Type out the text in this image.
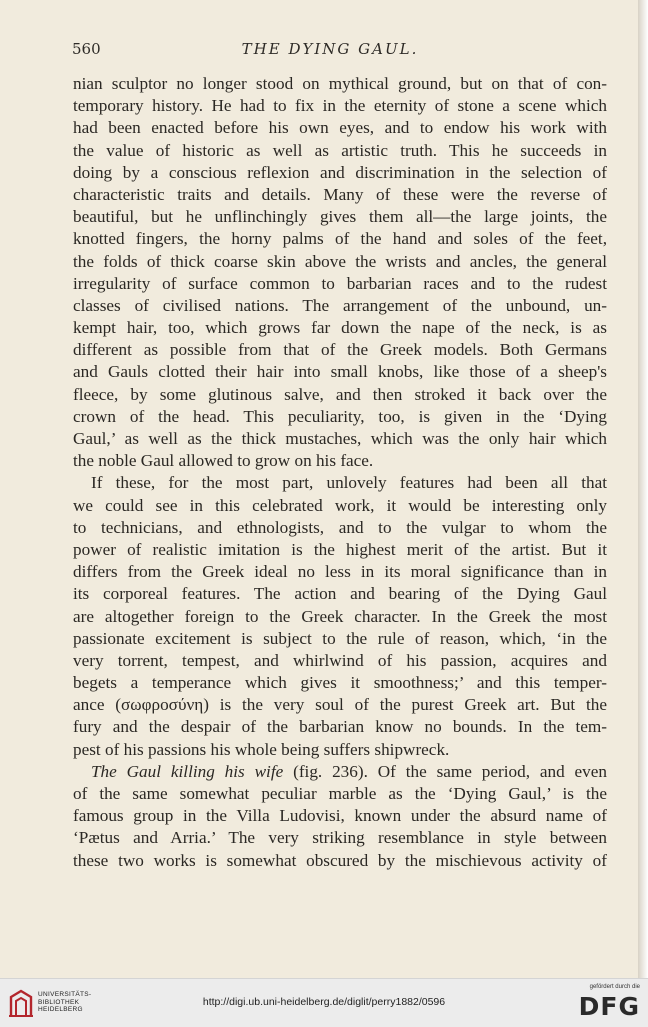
560	THE DYING GAUL.
nian sculptor no longer stood on mythical ground, but on that of con-
temporary history. He had to fix in the eternity of stone a scene which
had been enacted before his own eyes, and to endow his work with
the value of historic as well as artistic truth. This he succeeds in
doing by a conscious reflexion and discrimination in the selection of
characteristic traits and details. Many of these were the reverse of
beautiful, but he unflinchingly gives them all—the large joints, the
knotted fingers, the horny palms of the hand and soles of the feet,
the folds of thick coarse skin above the wrists and ancles, the general
irregularity of surface common to barbarian races and to the rudest
classes of civilised nations. The arrangement of the unbound, un-
kempt hair, too, which grows far down the nape of the neck, is as
different as possible from that of the Greek models. Both Germans
and Gauls clotted their hair into small knobs, like those of a sheep's
fleece, by some glutinous salve, and then stroked it back over the
crown of the head. This peculiarity, too, is given in the ‘Dying
Gaul,’ as well as the thick mustaches, which was the only hair which
the noble Gaul allowed to grow on his face.
If these, for the most part, unlovely features had been all that
we could see in this celebrated work, it would be interesting only
to technicians, and ethnologists, and to the vulgar to whom the
power of realistic imitation is the highest merit of the artist. But it
differs from the Greek ideal no less in its moral significance than in
its corporeal features. The action and bearing of the Dying Gaul
are altogether foreign to the Greek character. In the Greek the most
passionate excitement is subject to the rule of reason, which, ‘in the
very torrent, tempest, and whirlwind of his passion, acquires and
begets a temperance which gives it smoothness;’ and this temper-
ance (σωφροσύνη) is the very soul of the purest Greek art. But the
fury and the despair of the barbarian know no bounds. In the tem-
pest of his passions his whole being suffers shipwreck.
The Gaul killing his wife (fig. 236). Of the same period, and even
of the same somewhat peculiar marble as the ‘Dying Gaul,’ is the
famous group in the Villa Ludovisi, known under the absurd name of
‘Pætus and Arria.’ The very striking resemblance in style between
these two works is somewhat obscured by the mischievous activity of
UNIVERSITÄTS-
BIBLIOTHEK
HEIDELBERG
http://digi.ub.uni-heidelberg.de/diglit/perry1882/0596
gefördert durch die
DFG
